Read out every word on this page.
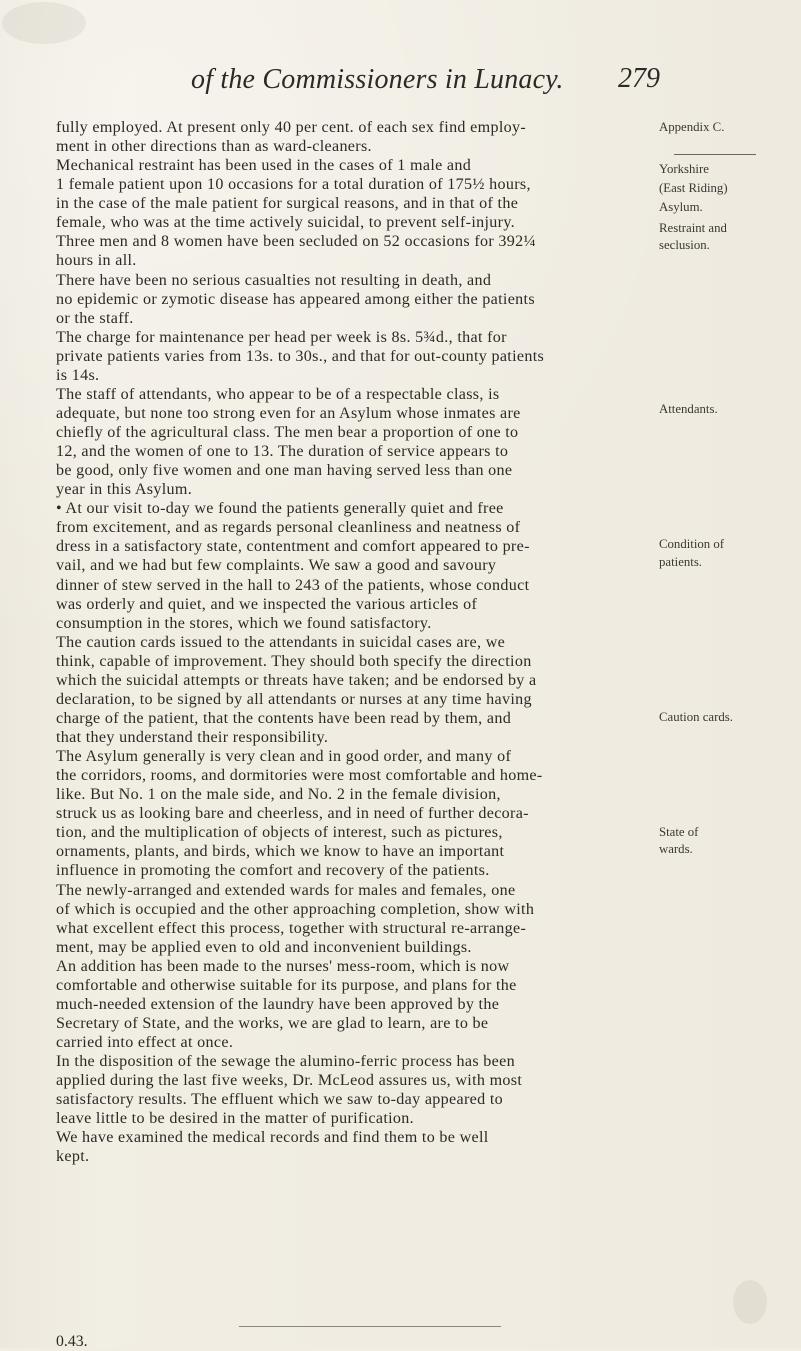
of the Commissioners in Lunacy. 279
fully employed. At present only 40 per cent. of each sex find employ-
ment in other directions than as ward-cleaners.
Mechanical restraint has been used in the cases of 1 male and
1 female patient upon 10 occasions for a total duration of 175½ hours,
in the case of the male patient for surgical reasons, and in that of the
female, who was at the time actively suicidal, to prevent self-injury.
Three men and 8 women have been secluded on 52 occasions for 392¼
hours in all.
There have been no serious casualties not resulting in death, and
no epidemic or zymotic disease has appeared among either the patients
or the staff.
The charge for maintenance per head per week is 8s. 5¾d., that for
private patients varies from 13s. to 30s., and that for out-county patients
is 14s.
The staff of attendants, who appear to be of a respectable class, is
adequate, but none too strong even for an Asylum whose inmates are
chiefly of the agricultural class. The men bear a proportion of one to
12, and the women of one to 13. The duration of service appears to
be good, only five women and one man having served less than one
year in this Asylum.
• At our visit to-day we found the patients generally quiet and free
from excitement, and as regards personal cleanliness and neatness of
dress in a satisfactory state, contentment and comfort appeared to pre-
vail, and we had but few complaints. We saw a good and savoury
dinner of stew served in the hall to 243 of the patients, whose conduct
was orderly and quiet, and we inspected the various articles of
consumption in the stores, which we found satisfactory.
The caution cards issued to the attendants in suicidal cases are, we
think, capable of improvement. They should both specify the direction
which the suicidal attempts or threats have taken; and be endorsed by a
declaration, to be signed by all attendants or nurses at any time having
charge of the patient, that the contents have been read by them, and
that they understand their responsibility.
The Asylum generally is very clean and in good order, and many of
the corridors, rooms, and dormitories were most comfortable and home-
like. But No. 1 on the male side, and No. 2 in the female division,
struck us as looking bare and cheerless, and in need of further decora-
tion, and the multiplication of objects of interest, such as pictures,
ornaments, plants, and birds, which we know to have an important
influence in promoting the comfort and recovery of the patients.
The newly-arranged and extended wards for males and females, one
of which is occupied and the other approaching completion, show with
what excellent effect this process, together with structural re-arrange-
ment, may be applied even to old and inconvenient buildings.
An addition has been made to the nurses' mess-room, which is now
comfortable and otherwise suitable for its purpose, and plans for the
much-needed extension of the laundry have been approved by the
Secretary of State, and the works, we are glad to learn, are to be
carried into effect at once.
In the disposition of the sewage the alumino-ferric process has been
applied during the last five weeks, Dr. McLeod assures us, with most
satisfactory results. The effluent which we saw to-day appeared to
leave little to be desired in the matter of purification.
We have examined the medical records and find them to be well
kept.
Appendix C.
Yorkshire
(East Riding)
Asylum.
Restraint and
seclusion.
Attendants.
Condition of
patients.
Caution cards.
State of
wards.
0.43.
